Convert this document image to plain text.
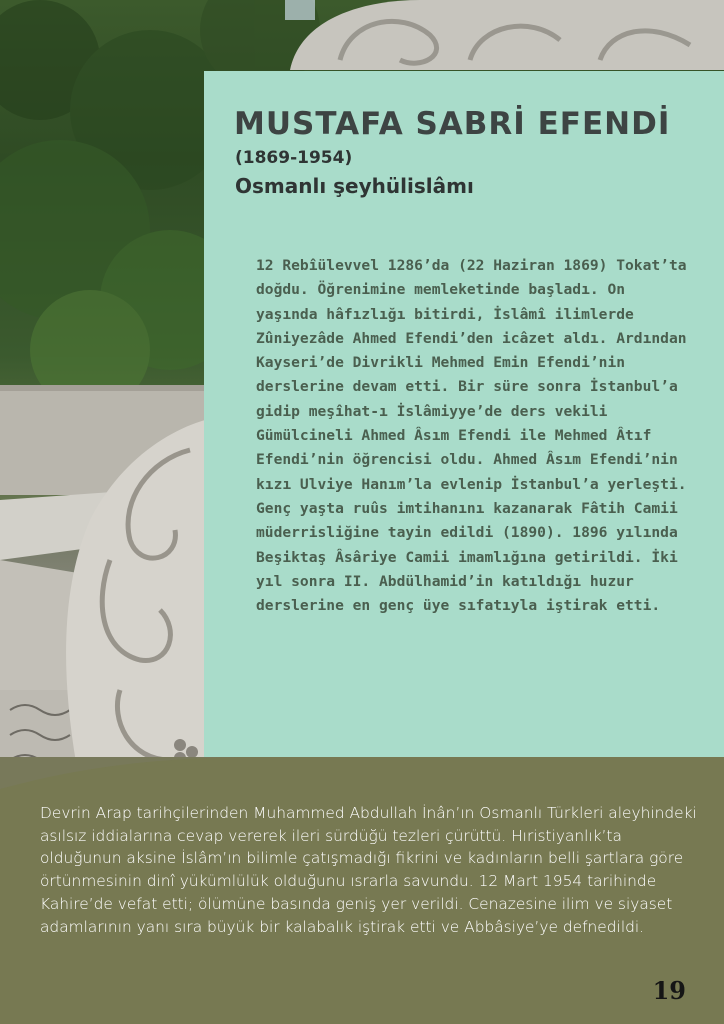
MUSTAFA SABRİ EFENDİ

(1869-1954)

Osmanlı şeyhülislâmı

12 Rebîülevvel 1286’da (22 Haziran 1869) Tokat’ta doğdu. Öğrenimine memleketinde başladı. On yaşında hâfızlığı bitirdi, İslâmî ilimlerde Zûniyezâde Ahmed Efendi’den icâzet aldı. Ardından Kayseri’de Divrikli Mehmed Emin Efendi’nin derslerine devam etti. Bir süre sonra İstanbul’a gidip meşîhat-ı İslâmiyye’de ders vekili Gümülcineli Ahmed Âsım Efendi ile Mehmed Âtıf Efendi’nin öğrencisi oldu. Ahmed Âsım Efendi’nin kızı Ulviye Hanım’la evlenip İstanbul’a yerleşti. Genç yaşta ruûs imtihanını kazanarak Fâtih Camii müderrisliğine tayin edildi (1890). 1896 yılında Beşiktaş Âsâriye Camii imamlığına getirildi. İki yıl sonra II. Abdülhamid’in katıldığı huzur derslerine en genç üye sıfatıyla iştirak etti.

Devrin Arap tarihçilerinden Muhammed Abdullah İnân’ın Osmanlı Türkleri aleyhindeki asılsız iddialarına cevap vererek ileri sürdüğü tezleri çürüttü. Hıristiyanlık’ta olduğunun aksine İslâm’ın bilimle çatışmadığı fikrini ve kadınların belli şartlara göre örtünmesinin dinî yükümlülük olduğunu ısrarla savundu. 12 Mart 1954 tarihinde Kahire’de vefat etti; ölümüne basında geniş yer verildi. Cenazesine ilim ve siyaset adamlarının yanı sıra büyük bir kalabalık iştirak etti ve Abbâsiye’ye defnedildi.

19
